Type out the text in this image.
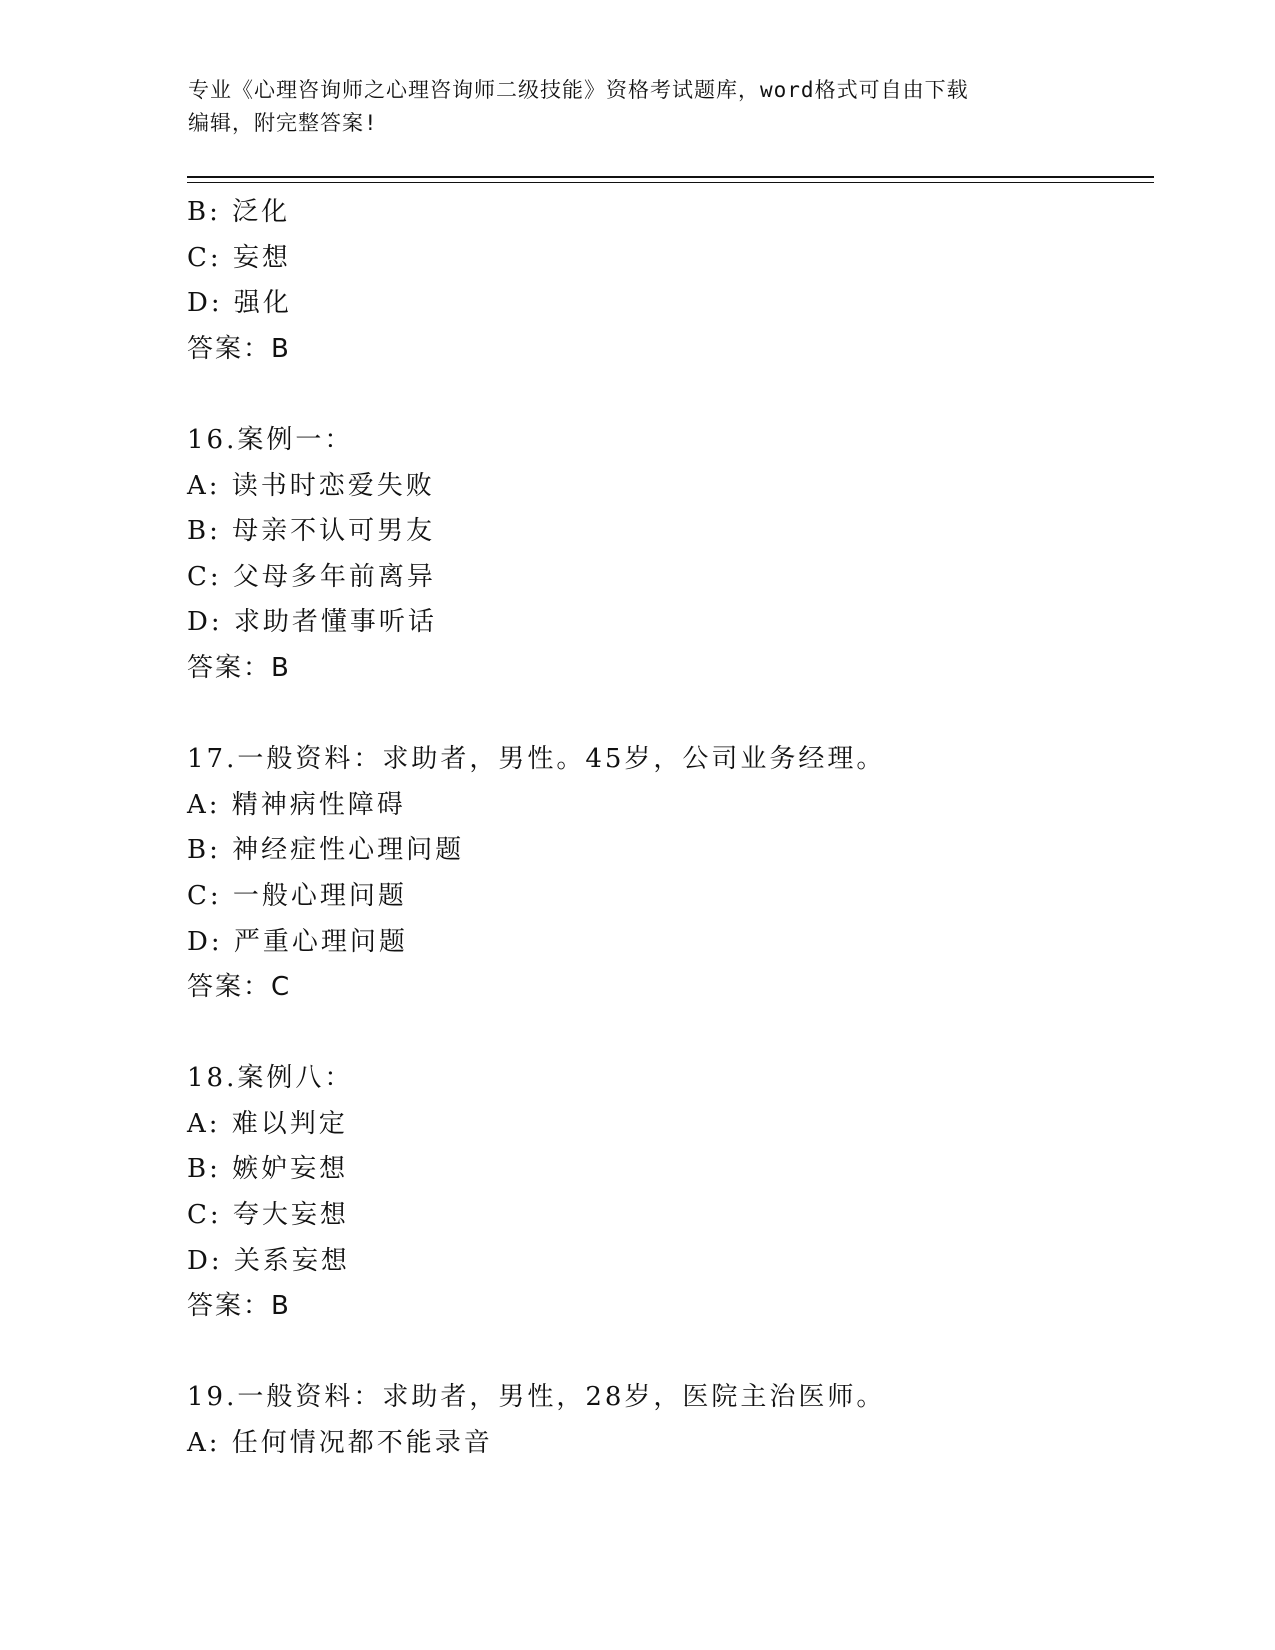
专业《心理咨询师之心理咨询师二级技能》资格考试题库，word格式可自由下载
编辑，附完整答案!
B: 泛化
C: 妄想
D: 强化
答案：B
16.案例一：
A: 读书时恋爱失败
B: 母亲不认可男友
C: 父母多年前离异
D: 求助者懂事听话
答案：B
17.一般资料：求助者，男性。45岁，公司业务经理。
A: 精神病性障碍
B: 神经症性心理问题
C: 一般心理问题
D: 严重心理问题
答案：C
18.案例八：
A: 难以判定
B: 嫉妒妄想
C: 夸大妄想
D: 关系妄想
答案：B
19.一般资料：求助者，男性，28岁，医院主治医师。
A: 任何情况都不能录音
